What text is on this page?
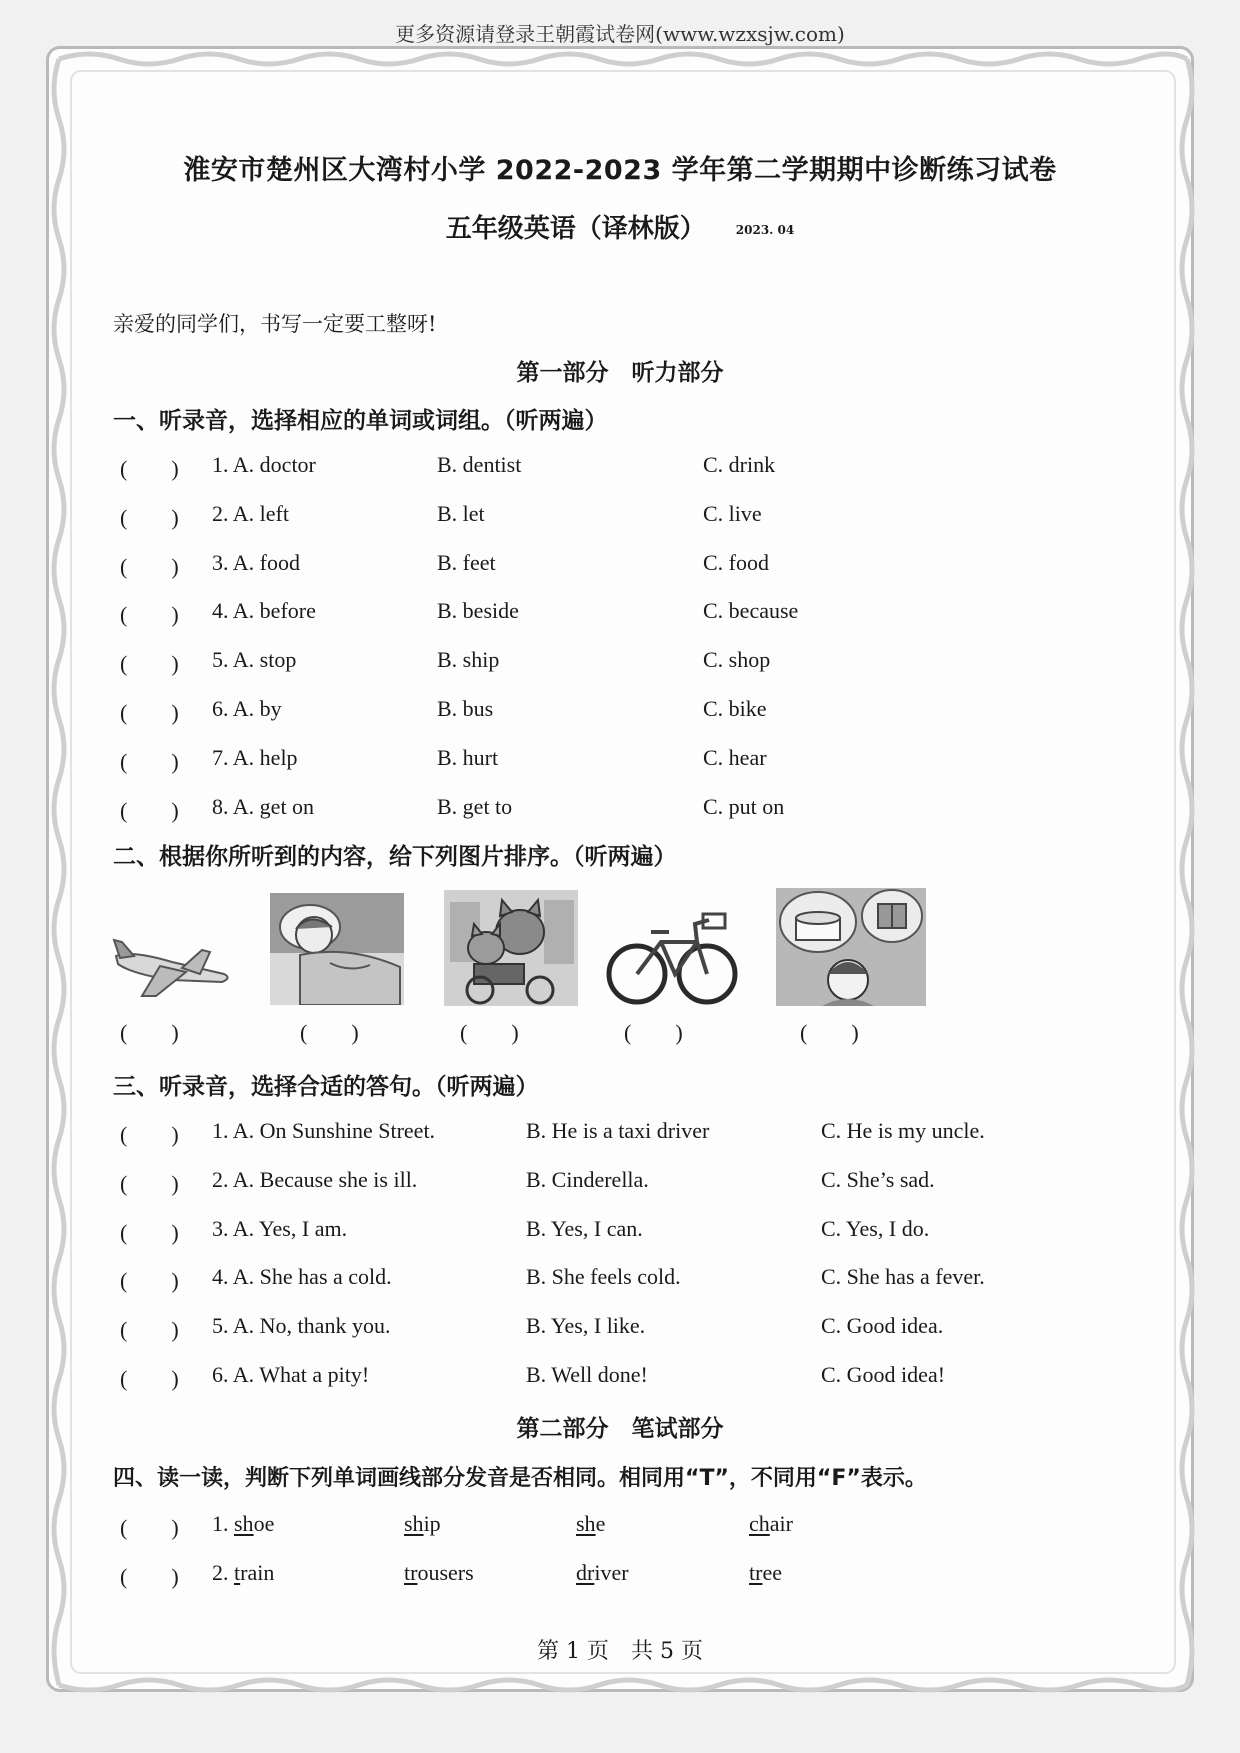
更多资源请登录王朝霞试卷网(www.wzxsjw.com)
淮安市楚州区大湾村小学 2022-2023 学年第二学期期中诊断练习试卷
五年级英语（译林版）	2023. 04
亲爱的同学们，书写一定要工整呀!
第一部分　听力部分
一、听录音，选择相应的单词或词组。（听两遍）
(　　) 1. A. doctor	B. dentist	C. drink
(　　) 2. A. left	B. let	C. live
(　　) 3. A. food	B. feet	C. food
(　　) 4. A. before	B. beside	C. because
(　　) 5. A. stop	B. ship	C. shop
(　　) 6. A. by	B. bus	C. bike
(　　) 7. A. help	B. hurt	C. hear
(　　) 8. A. get on	B. get to	C. put on
二、根据你所听到的内容，给下列图片排序。（听两遍）
(　　)	(　　)	(　　)	(　　)	(　　)
三、听录音，选择合适的答句。（听两遍）
(　　) 1. A. On Sunshine Street.	B. He is a taxi driver	C. He is my uncle.
(　　) 2. A. Because she is ill.	B. Cinderella.	C. She’s sad.
(　　) 3. A. Yes, I am.	B. Yes, I can.	C. Yes, I do.
(　　) 4. A. She has a cold.	B. She feels cold.	C. She has a fever.
(　　) 5. A. No, thank you.	B. Yes, I like.	C. Good idea.
(　　) 6. A. What a pity!	B. Well done!	C. Good idea!
第二部分　笔试部分
四、读一读，判断下列单词画线部分发音是否相同。相同用“T”，不同用“F”表示。
(　　) 1. shoe	ship	she	chair
(　　) 2. train	trousers	driver	tree
第 1 页　共 5 页
